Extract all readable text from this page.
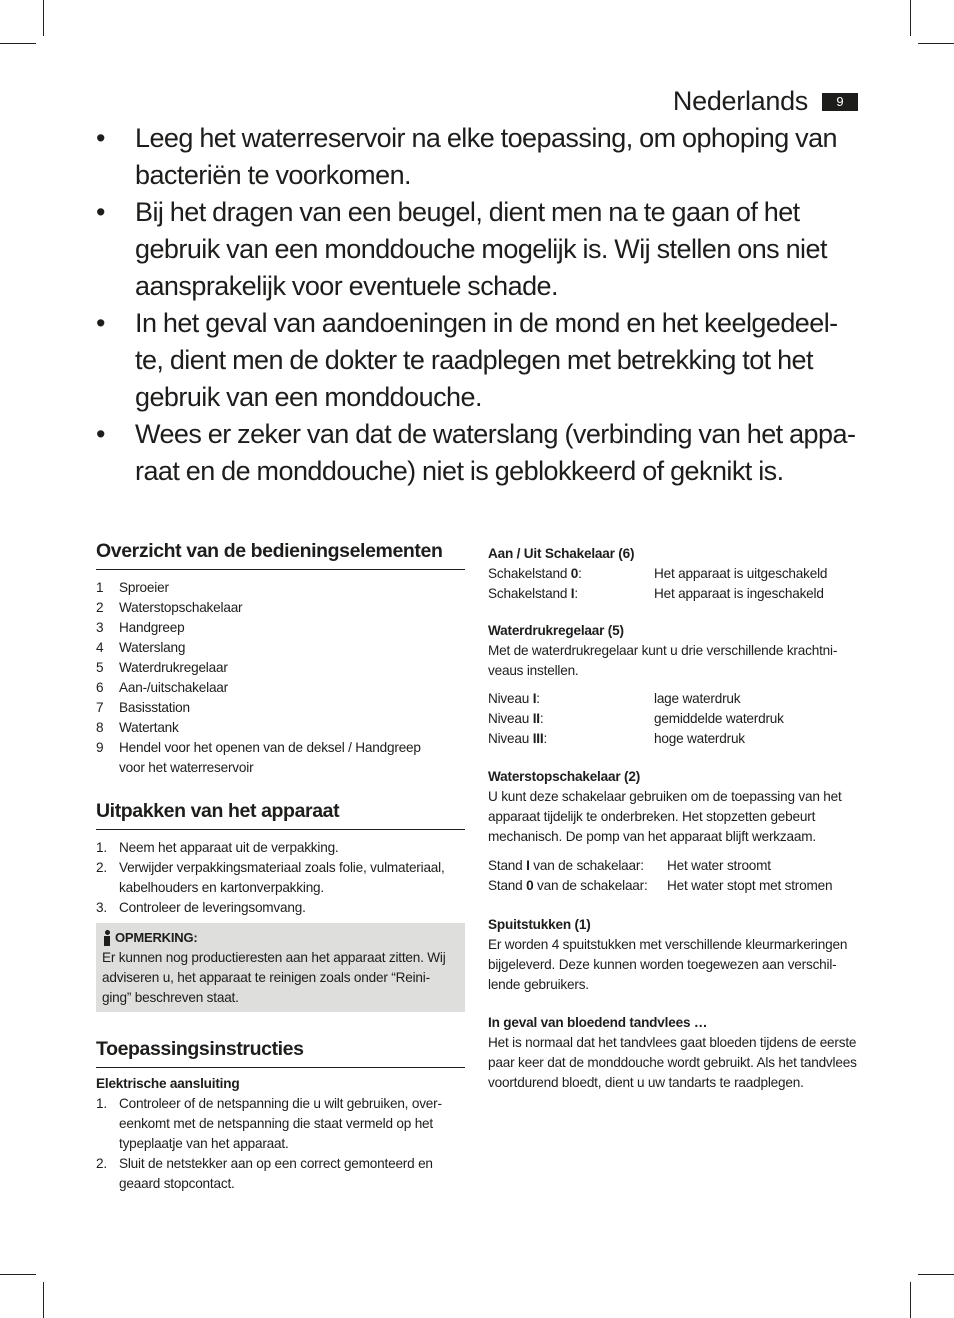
Nederlands	9
• Leeg het waterreservoir na elke toepassing, om ophoping van
bacteriën te voorkomen.
• Bij het dragen van een beugel, dient men na te gaan of het
gebruik van een monddouche mogelijk is. Wij stellen ons niet
aansprakelijk voor eventuele schade.
• In het geval van aandoeningen in de mond en het keelgedeel-
te, dient men de dokter te raadplegen met betrekking tot het
gebruik van een monddouche.
• Wees er zeker van dat de waterslang (verbinding van het appa-
raat en de monddouche) niet is geblokkeerd of geknikt is.
Overzicht van de bedieningselementen
1 Sproeier
2 Waterstopschakelaar
3 Handgreep
4 Waterslang
5 Waterdrukregelaar
6 Aan-/uitschakelaar
7 Basisstation
8 Watertank
9 Hendel voor het openen van de deksel / Handgreep
voor het waterreservoir
Uitpakken van het apparaat
1. Neem het apparaat uit de verpakking.
2. Verwijder verpakkingsmateriaal zoals folie, vulmateriaal,
kabelhouders en kartonverpakking.
3. Controleer de leveringsomvang.
OPMERKING:
Er kunnen nog productieresten aan het apparaat zitten. Wij
adviseren u, het apparaat te reinigen zoals onder “Reini-
ging” beschreven staat.
Toepassingsinstructies
Elektrische aansluiting
1. Controleer of de netspanning die u wilt gebruiken, over-
eenkomt met de netspanning die staat vermeld op het
typeplaatje van het apparaat.
2. Sluit de netstekker aan op een correct gemonteerd en
geaard stopcontact.
Aan / Uit Schakelaar (6)
Schakelstand 0:	Het apparaat is uitgeschakeld
Schakelstand I:	Het apparaat is ingeschakeld
Waterdrukregelaar (5)

Met de waterdrukregelaar kunt u drie verschillende krachtni-

veaus instellen.

Niveau I:	lage waterdruk
Niveau II:	gemiddelde waterdruk
Niveau III:	hoge waterdruk
Waterstopschakelaar (2)

U kunt deze schakelaar gebruiken om de toepassing van het

apparaat tijdelijk te onderbreken. Het stopzetten gebeurt

mechanisch. De pomp van het apparaat blijft werkzaam.

Stand I van de schakelaar:	Het water stroomt
Stand 0 van de schakelaar:	Het water stopt met stromen
Spuitstukken (1)

Er worden 4 spuitstukken met verschillende kleurmarkeringen

bijgeleverd. Deze kunnen worden toegewezen aan verschil-

lende gebruikers.

In geval van bloedend tandvlees …

Het is normaal dat het tandvlees gaat bloeden tijdens de eerste

paar keer dat de monddouche wordt gebruikt. Als het tandvlees

voortdurend bloedt, dient u uw tandarts te raadplegen.
